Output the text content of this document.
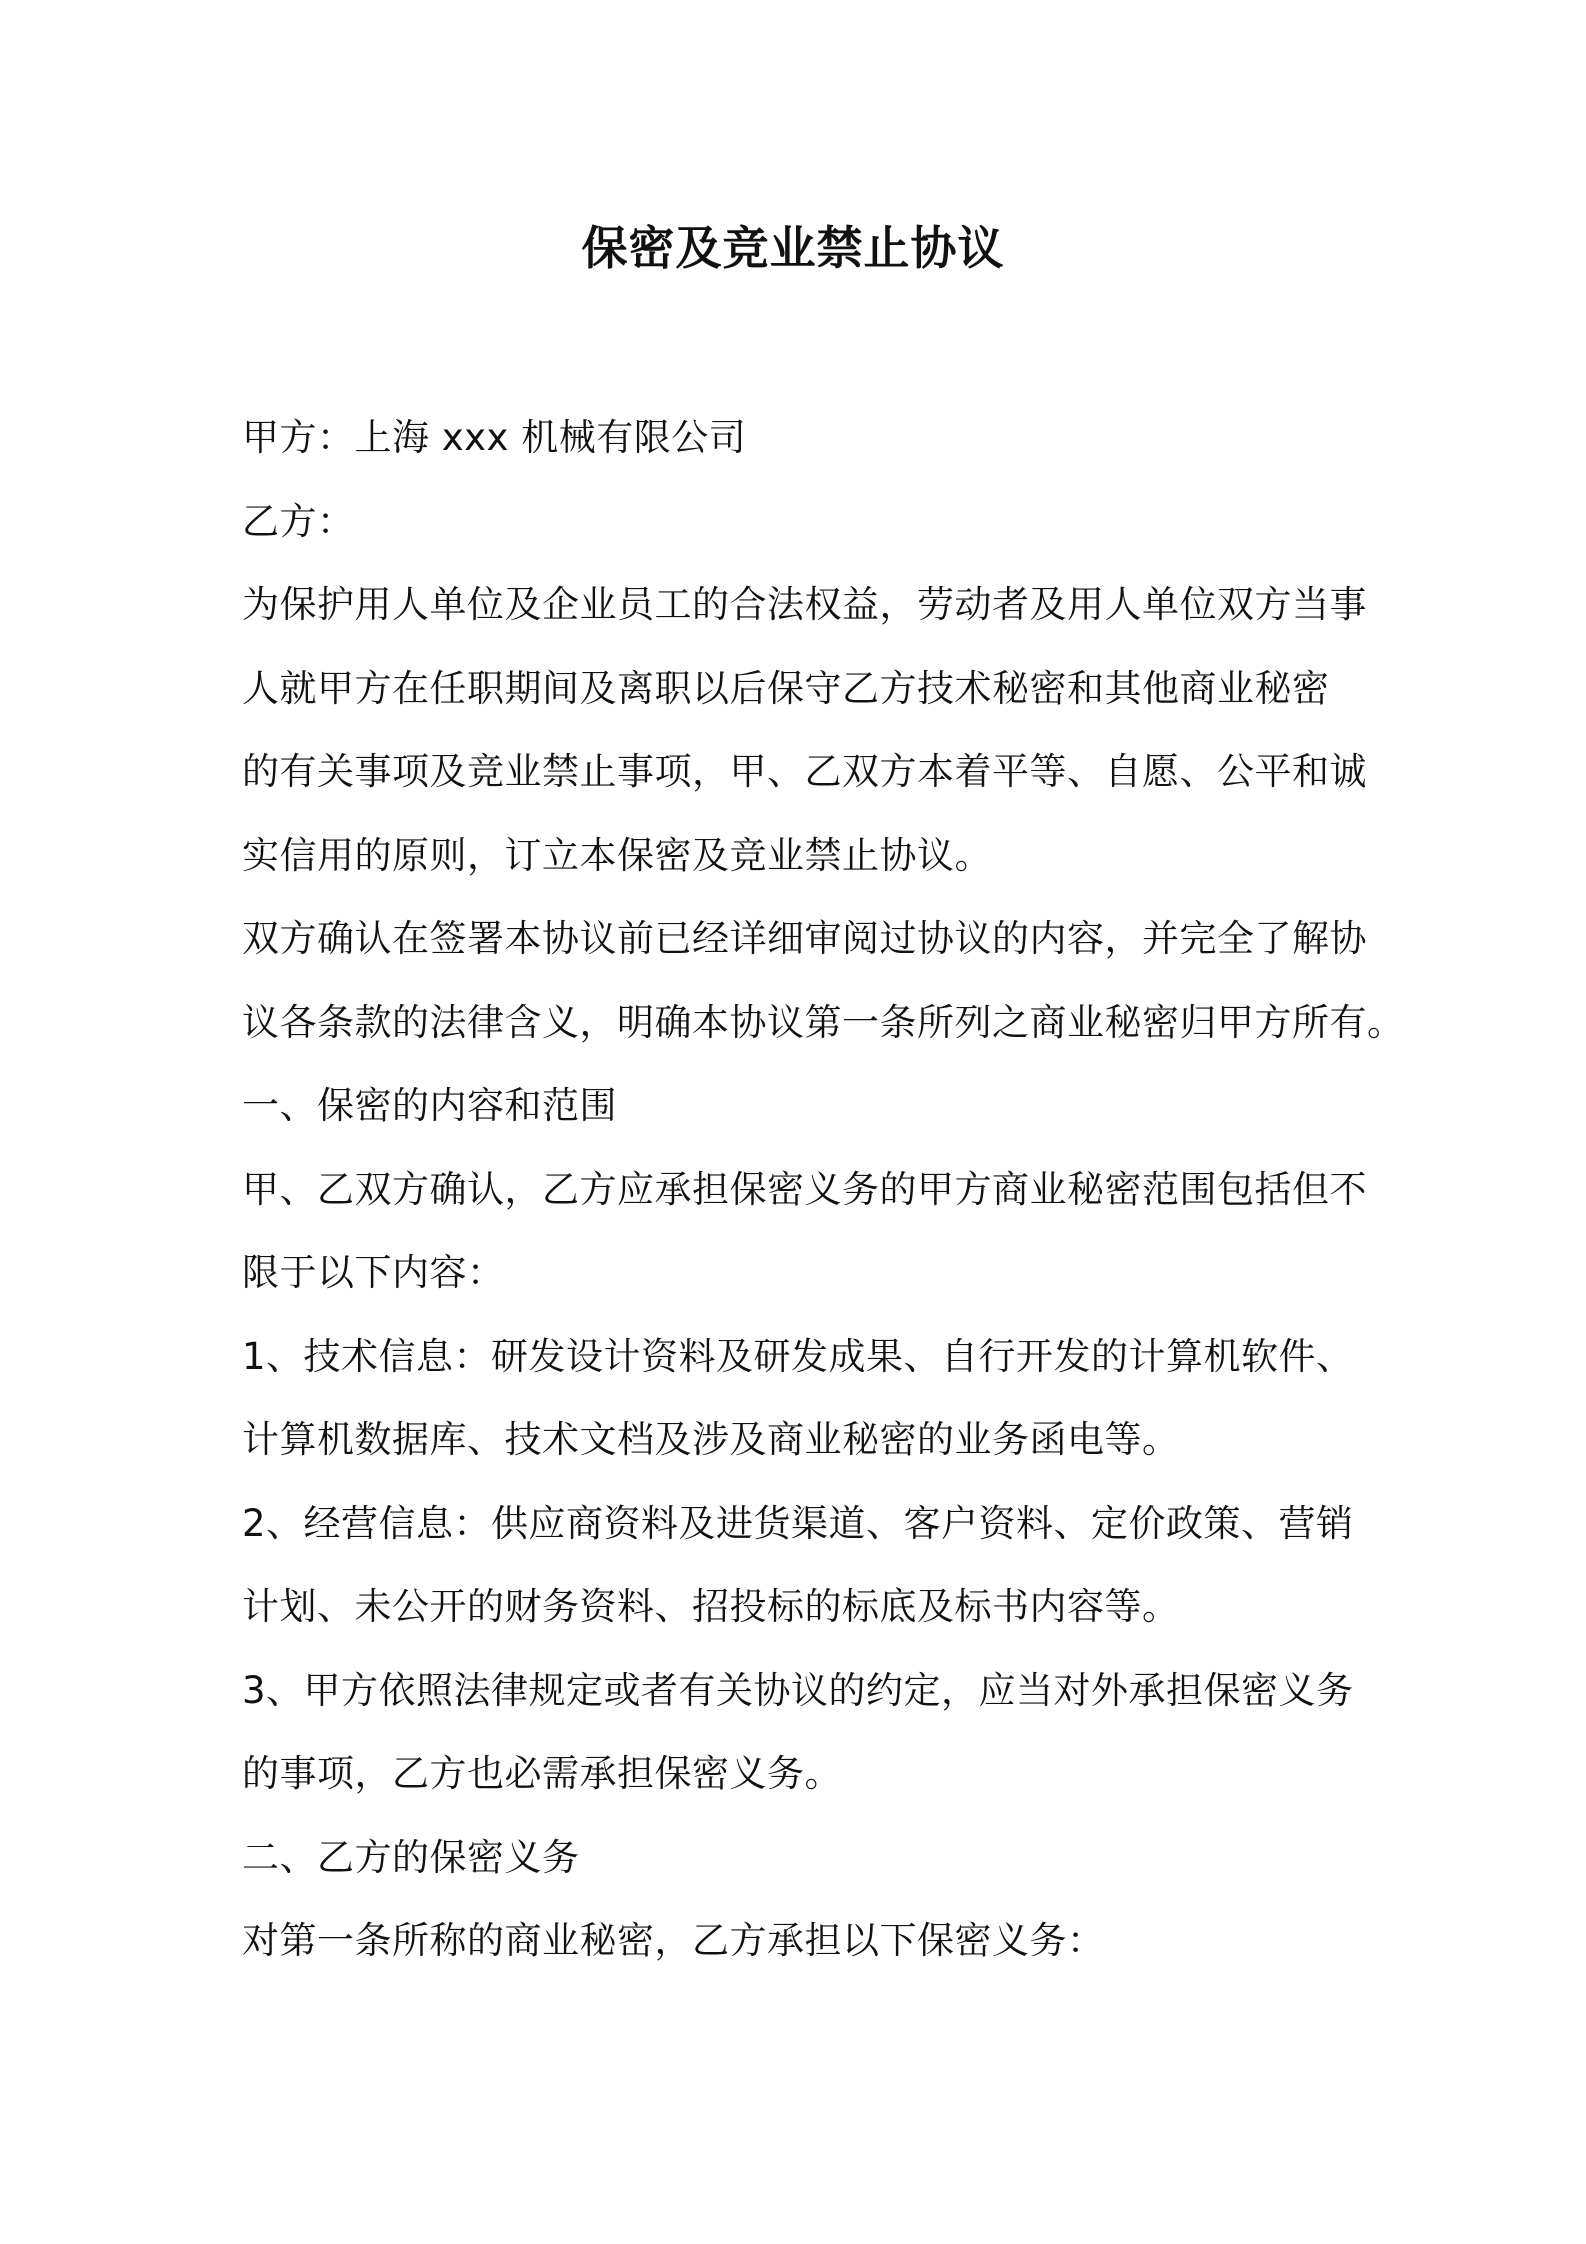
保密及竞业禁止协议
甲方：上海 xxx 机械有限公司
乙方：
为保护用人单位及企业员工的合法权益，劳动者及用人单位双方当事
人就甲方在任职期间及离职以后保守乙方技术秘密和其他商业秘密
的有关事项及竞业禁止事项，甲、乙双方本着平等、自愿、公平和诚
实信用的原则，订立本保密及竞业禁止协议。
双方确认在签署本协议前已经详细审阅过协议的内容，并完全了解协
议各条款的法律含义，明确本协议第一条所列之商业秘密归甲方所有。
一、保密的内容和范围
甲、乙双方确认，乙方应承担保密义务的甲方商业秘密范围包括但不
限于以下内容：
1、技术信息：研发设计资料及研发成果、自行开发的计算机软件、
计算机数据库、技术文档及涉及商业秘密的业务函电等。
2、经营信息：供应商资料及进货渠道、客户资料、定价政策、营销
计划、未公开的财务资料、招投标的标底及标书内容等。
3、甲方依照法律规定或者有关协议的约定，应当对外承担保密义务
的事项，乙方也必需承担保密义务。
二、乙方的保密义务
对第一条所称的商业秘密，乙方承担以下保密义务：
